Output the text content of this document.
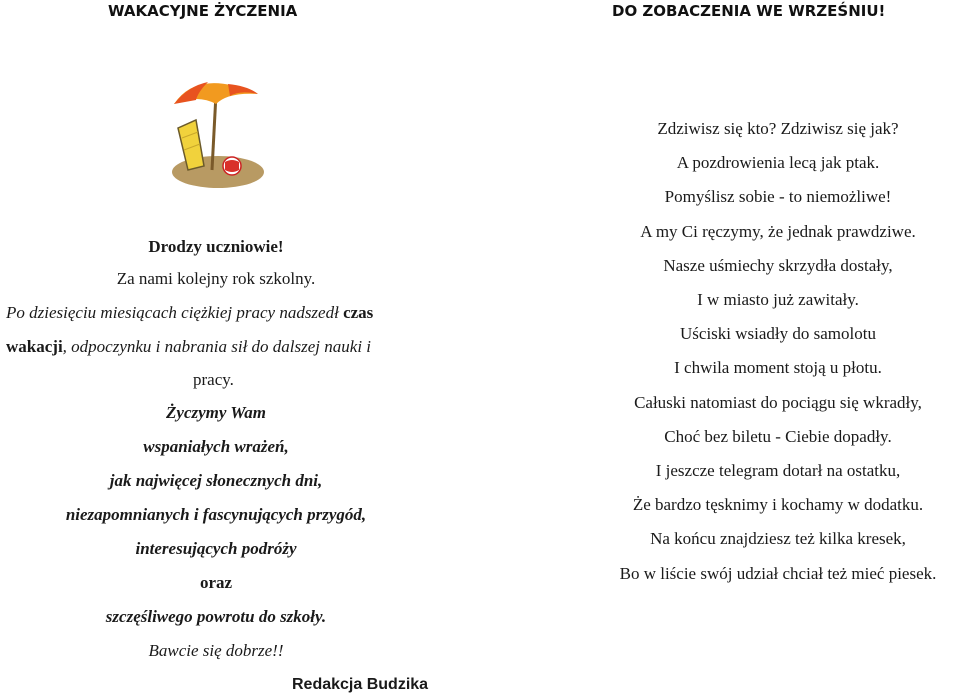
WAKACYJNE ŻYCZENIA	DO ZOBACZENIA WE WRZEŚNIU!
Drodzy uczniowie!
Za nami kolejny rok szkolny.
Po dziesięciu miesiącach ciężkiej pracy nadszedł czas
wakacji, odpoczynku i nabrania sił do dalszej nauki i
pracy.
Życzymy Wam
wspaniałych wrażeń,
jak najwięcej słonecznych dni,
niezapomnianych i fascynujących przygód,
interesujących podróży
oraz
szczęśliwego powrotu do szkoły.
Bawcie się dobrze!!
Redakcja Budzika
Zdziwisz się kto? Zdziwisz się jak?
A pozdrowienia lecą jak ptak.
Pomyślisz sobie - to niemożliwe!
A my Ci ręczymy, że jednak prawdziwe.
Nasze uśmiechy skrzydła dostały,
I w miasto już zawitały.
Uściski wsiadły do samolotu
I chwila moment stoją u płotu.
Całuski natomiast do pociągu się wkradły,
Choć bez biletu - Ciebie dopadły.
I jeszcze telegram dotarł na ostatku,
Że bardzo tęsknimy i kochamy w dodatku.
Na końcu znajdziesz też kilka kresek,
Bo w liście swój udział chciał też mieć piesek.
